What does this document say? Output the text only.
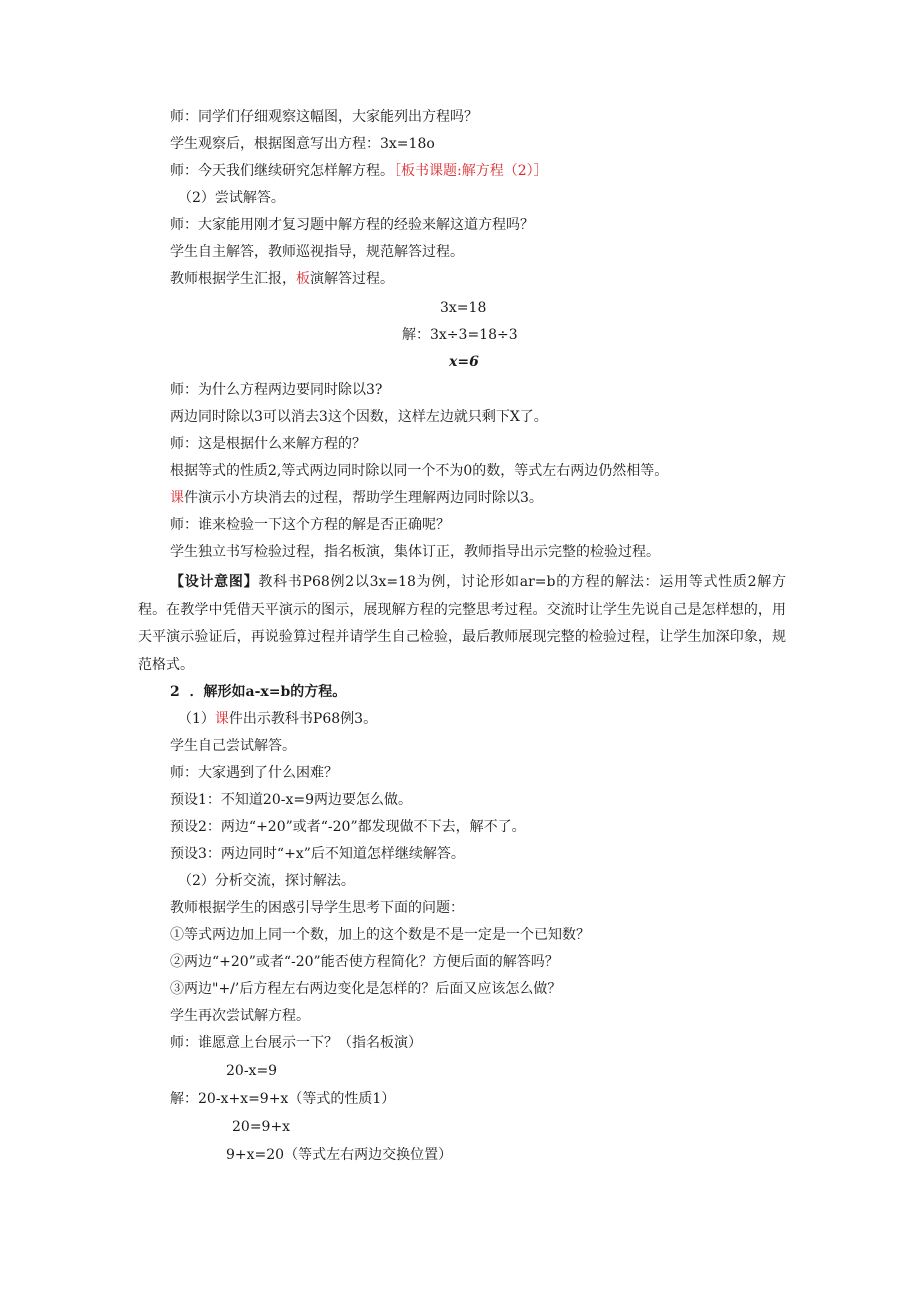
师：同学们仔细观察这幅图，大家能列出方程吗？
学生观察后，根据图意写出方程：3x=18o
师：今天我们继续研究怎样解方程。［板书课题:解方程（2）］
（2）尝试解答。
师：大家能用刚才复习题中解方程的经验来解这道方程吗？
学生自主解答，教师巡视指导，规范解答过程。
教师根据学生汇报，板演解答过程。
3x=18
解：3x÷3=18÷3
x=6
师：为什么方程两边要同时除以3?
两边同时除以3可以消去3这个因数，这样左边就只剩下X了。
师：这是根据什么来解方程的？
根据等式的性质2,等式两边同时除以同一个不为0的数，等式左右两边仍然相等。
课件演示小方块消去的过程，帮助学生理解两边同时除以3。
师：谁来检验一下这个方程的解是否正确呢？
学生独立书写检验过程，指名板演，集体订正，教师指导出示完整的检验过程。
【设计意图】教科书P68例2以3x=18为例，讨论形如ar=b的方程的解法：运用等式性质2解方程。在教学中凭借天平演示的图示，展现解方程的完整思考过程。交流时让学生先说自己是怎样想的，用天平演示验证后，再说验算过程并请学生自己检验，最后教师展现完整的检验过程，让学生加深印象，规范格式。
2 ．解形如a-x=b的方程。
（1）课件出示教科书P68例3。
学生自己尝试解答。
师：大家遇到了什么困难？
预设1：不知道20-x=9两边要怎么做。
预设2：两边“+20”或者“-20”都发现做不下去，解不了。
预设3：两边同时“+x”后不知道怎样继续解答。
（2）分析交流，探讨解法。
教师根据学生的困惑引导学生思考下面的问题：
①等式两边加上同一个数，加上的这个数是不是一定是一个已知数？
②两边“+20”或者“-20”能否使方程简化？方便后面的解答吗？
③两边"+/’后方程左右两边变化是怎样的？后面又应该怎么做？
学生再次尝试解方程。
师：谁愿意上台展示一下？（指名板演）
20-x=9
解：20-x+x=9+x（等式的性质1）
20=9+x
9+x=20（等式左右两边交换位置）
